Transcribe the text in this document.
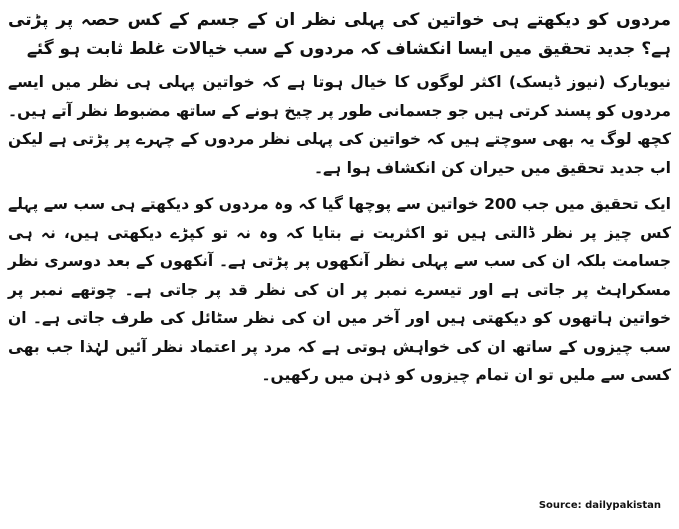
مردوں کو دیکھتے ہی خواتین کی پہلی نظر ان کے جسم کے کس حصہ پر پڑتی ہے؟ جدید تحقیق میں ایسا انکشاف کہ مردوں کے سب خیالات غلط ثابت ہو گئے

نیویارک (نیوز ڈیسک) اکثر لوگوں کا خیال ہوتا ہے کہ خواتین پہلی ہی نظر میں ایسے مردوں کو پسند کرتی ہیں جو جسمانی طور پر چیخ ہونے کے ساتھ مضبوط نظر آتے ہیں۔ کچھ لوگ یہ بھی سوچتے ہیں کہ خواتین کی پہلی نظر مردوں کے چہرے پر پڑتی ہے لیکن اب جدید تحقیق میں حیران کن انکشاف ہوا ہے۔

ایک تحقیق میں جب 200 خواتین سے پوچھا گیا کہ وہ مردوں کو دیکھتے ہی سب سے پہلے کس چیز پر نظر ڈالتی ہیں تو اکثریت نے بتایا کہ وہ نہ تو کپڑے دیکھتی ہیں، نہ ہی جسامت بلکہ ان کی سب سے پہلی نظر آنکھوں پر پڑتی ہے۔ آنکھوں کے بعد دوسری نظر مسکراہٹ پر جاتی ہے اور تیسرے نمبر پر ان کی نظر قد پر جاتی ہے۔ چوتھے نمبر پر خواتین ہاتھوں کو دیکھتی ہیں اور آخر میں ان کی نظر سٹائل کی طرف جاتی ہے۔ ان سب چیزوں کے ساتھ ان کی خواہش ہوتی ہے کہ مرد پر اعتماد نظر آئیں لہٰذا جب بھی کسی سے ملیں تو ان تمام چیزوں کو ذہن میں رکھیں۔

Source: dailypakistan
